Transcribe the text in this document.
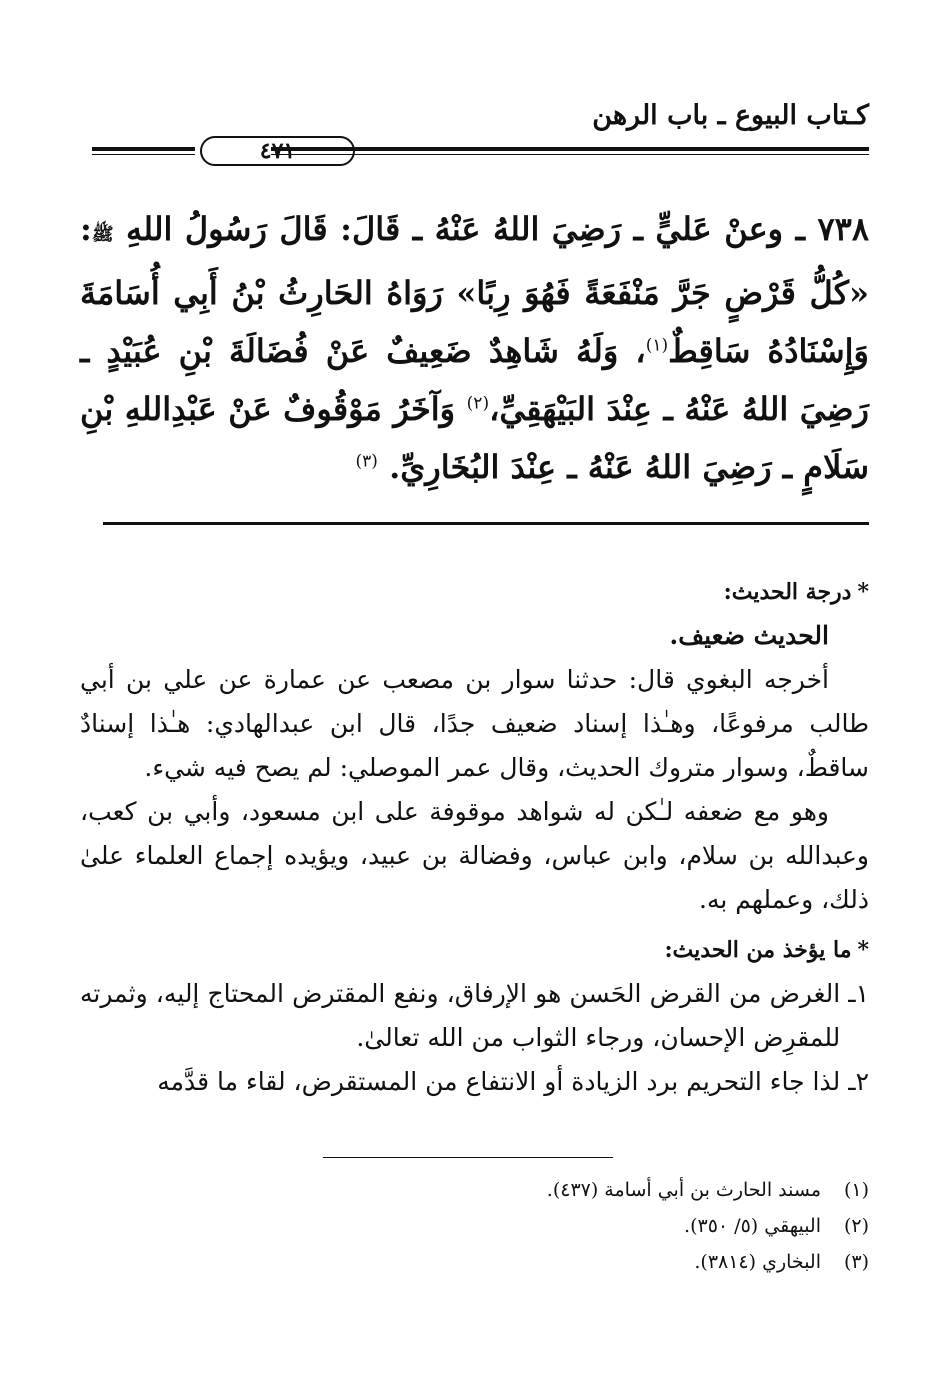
كـتاب البيوع ـ باب الرهن
٤٧١
٧٣٨ ـ وعنْ عَليٍّ ـ رَضِيَ اللهُ عَنْهُ ـ قَالَ: قَالَ رَسُولُ اللهِ ﷺ: «كُلُّ قَرْضٍ جَرَّ مَنْفَعَةً فَهُوَ رِبًا» رَوَاهُ الحَارِثُ بْنُ أَبِي أُسَامَةَ وَإِسْنَادُهُ سَاقِطٌ$^{(١)}$، وَلَهُ شَاهِدٌ ضَعِيفٌ عَنْ فُضَالَةَ بْنِ عُبَيْدٍ ـ رَضِيَ اللهُ عَنْهُ ـ عِنْدَ البَيْهَقِيِّ،$^{(٢)}$ وَآخَرُ مَوْقُوفٌ عَنْ عَبْدِاللهِ بْنِ سَلَامٍ ـ رَضِيَ اللهُ عَنْهُ ـ عِنْدَ البُخَارِيِّ. $^{(٣)}$

*درجة الحديث:

الحديث ضعيف.

أخرجه البغوي قال: حدثنا سوار بن مصعب عن عمارة عن علي بن أبي طالب مرفوعًا، وهـٰذا إسناد ضعيف جدًا، قال ابن عبدالهادي: هـٰذا إسنادٌ ساقطٌ، وسوار متروك الحديث، وقال عمر الموصلي: لم يصح فيه شيء.

وهو مع ضعفه لـٰكن له شواهد موقوفة على ابن مسعود، وأبي بن كعب، وعبدالله بن سلام، وابن عباس، وفضالة بن عبيد، ويؤيده إجماع العلماء علىٰ ذلك، وعملهم به.

*ما يؤخذ من الحديث:

١ـ
الغرض من القرض الحَسن هو الإرفاق، ونفع المقترض المحتاج إليه، وثمرته للمقرِض الإحسان، ورجاء الثواب من الله تعالىٰ.
٢ـ
لذا جاء التحريم برد الزيادة أو الانتفاع من المستقرض، لقاء ما قدَّمه
(١)
مسند الحارث بن أبي أسامة (٤٣٧).
(٢)
البيهقي (٥/ ٣٥٠).
(٣)
البخاري (٣٨١٤).
